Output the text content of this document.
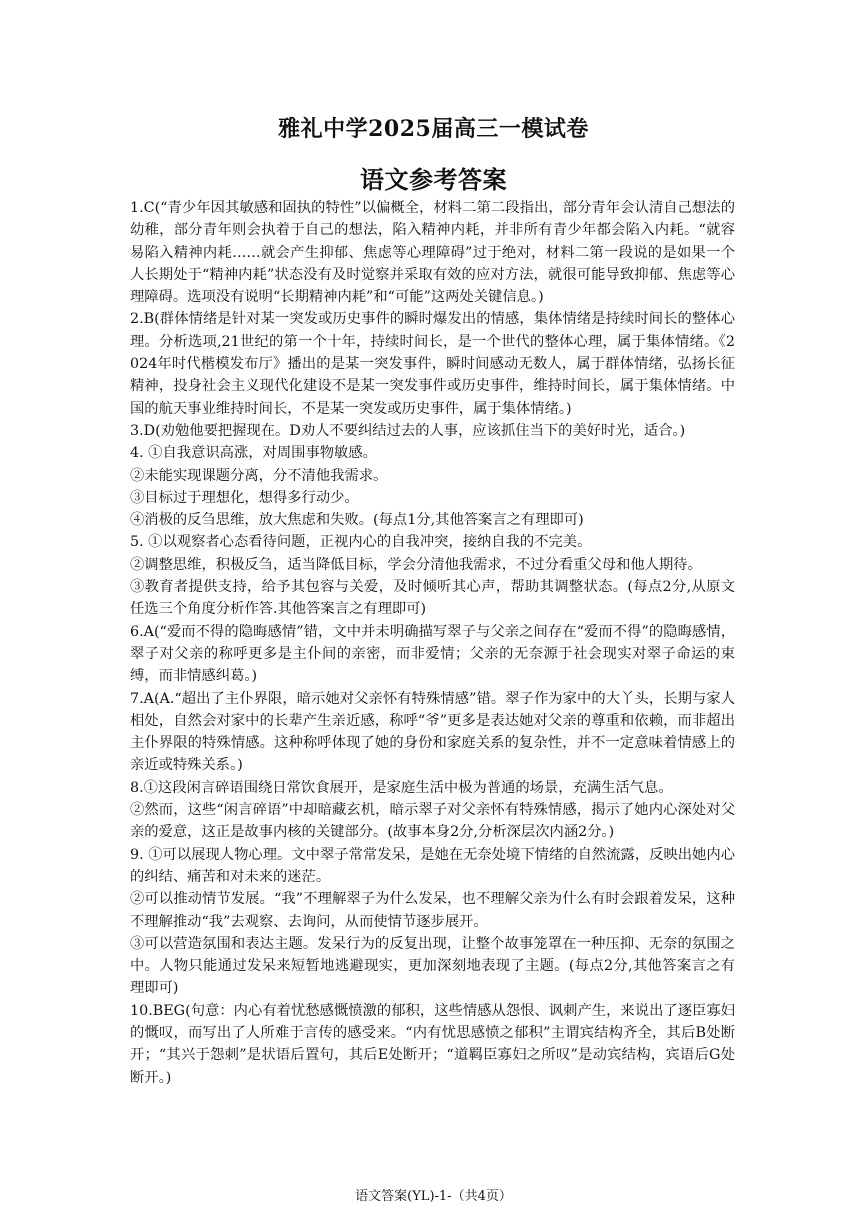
雅礼中学2025届高三一模试卷
语文参考答案

1.C(“青少年因其敏感和固执的特性”以偏概全，材料二第二段指出，部分青年会认清自己想法的幼稚，部分青年则会执着于自己的想法，陷入精神内耗，并非所有青少年都会陷入内耗。“就容易陷入精神内耗……就会产生抑郁、焦虑等心理障碍”过于绝对，材料二第一段说的是如果一个人长期处于“精神内耗”状态没有及时觉察并采取有效的应对方法，就很可能导致抑郁、焦虑等心理障碍。选项没有说明“长期精神内耗”和“可能”这两处关键信息。)

2.B(群体情绪是针对某一突发或历史事件的瞬时爆发出的情感，集体情绪是持续时间长的整体心理。分析选项,21世纪的第一个十年，持续时间长，是一个世代的整体心理，属于集体情绪。《2024年时代楷模发布厅》播出的是某一突发事件，瞬时间感动无数人，属于群体情绪，弘扬长征精神，投身社会主义现代化建设不是某一突发事件或历史事件，维持时间长，属于集体情绪。中国的航天事业维持时间长，不是某一突发或历史事件，属于集体情绪。)

3.D(劝勉他要把握现在。D劝人不要纠结过去的人事，应该抓住当下的美好时光，适合。)

4. ①自我意识高涨，对周围事物敏感。

②未能实现课题分离，分不清他我需求。

③目标过于理想化，想得多行动少。

④消极的反刍思维，放大焦虑和失败。(每点1分,其他答案言之有理即可)

5. ①以观察者心态看待问题，正视内心的自我冲突，接纳自我的不完美。

②调整思维，积极反刍，适当降低目标，学会分清他我需求，不过分看重父母和他人期待。

③教育者提供支持，给予其包容与关爱，及时倾听其心声，帮助其调整状态。(每点2分,从原文任选三个角度分析作答.其他答案言之有理即可)

6.A(“爱而不得的隐晦感情”错，文中并未明确描写翠子与父亲之间存在“爱而不得”的隐晦感情，翠子对父亲的称呼更多是主仆间的亲密，而非爱情；父亲的无奈源于社会现实对翠子命运的束缚，而非情感纠葛。)

7.A(A.“超出了主仆界限，暗示她对父亲怀有特殊情感”错。翠子作为家中的大丫头，长期与家人相处，自然会对家中的长辈产生亲近感，称呼“爷”更多是表达她对父亲的尊重和依赖，而非超出主仆界限的特殊情感。这种称呼体现了她的身份和家庭关系的复杂性，并不一定意味着情感上的亲近或特殊关系。)

8.①这段闲言碎语围绕日常饮食展开，是家庭生活中极为普通的场景，充满生活气息。

②然而，这些“闲言碎语”中却暗藏玄机，暗示翠子对父亲怀有特殊情感，揭示了她内心深处对父亲的爱意，这正是故事内核的关键部分。(故事本身2分,分析深层次内涵2分。)

9. ①可以展现人物心理。文中翠子常常发呆，是她在无奈处境下情绪的自然流露，反映出她内心的纠结、痛苦和对未来的迷茫。

②可以推动情节发展。“我”不理解翠子为什么发呆，也不理解父亲为什么有时会跟着发呆，这种不理解推动“我”去观察、去询问，从而使情节逐步展开。

③可以营造氛围和表达主题。发呆行为的反复出现，让整个故事笼罩在一种压抑、无奈的氛围之中。人物只能通过发呆来短暂地逃避现实，更加深刻地表现了主题。(每点2分,其他答案言之有理即可)

10.BEG(句意：内心有着忧愁感慨愤激的郁积，这些情感从怨恨、讽刺产生，来说出了逐臣寡妇的慨叹，而写出了人所难于言传的感受来。“内有忧思感愤之郁积”主谓宾结构齐全，其后B处断开；“其兴于怨刺”是状语后置句，其后E处断开；“道羁臣寡妇之所叹”是动宾结构，宾语后G处断开。)

语文答案(YL)-1-（共4页）
